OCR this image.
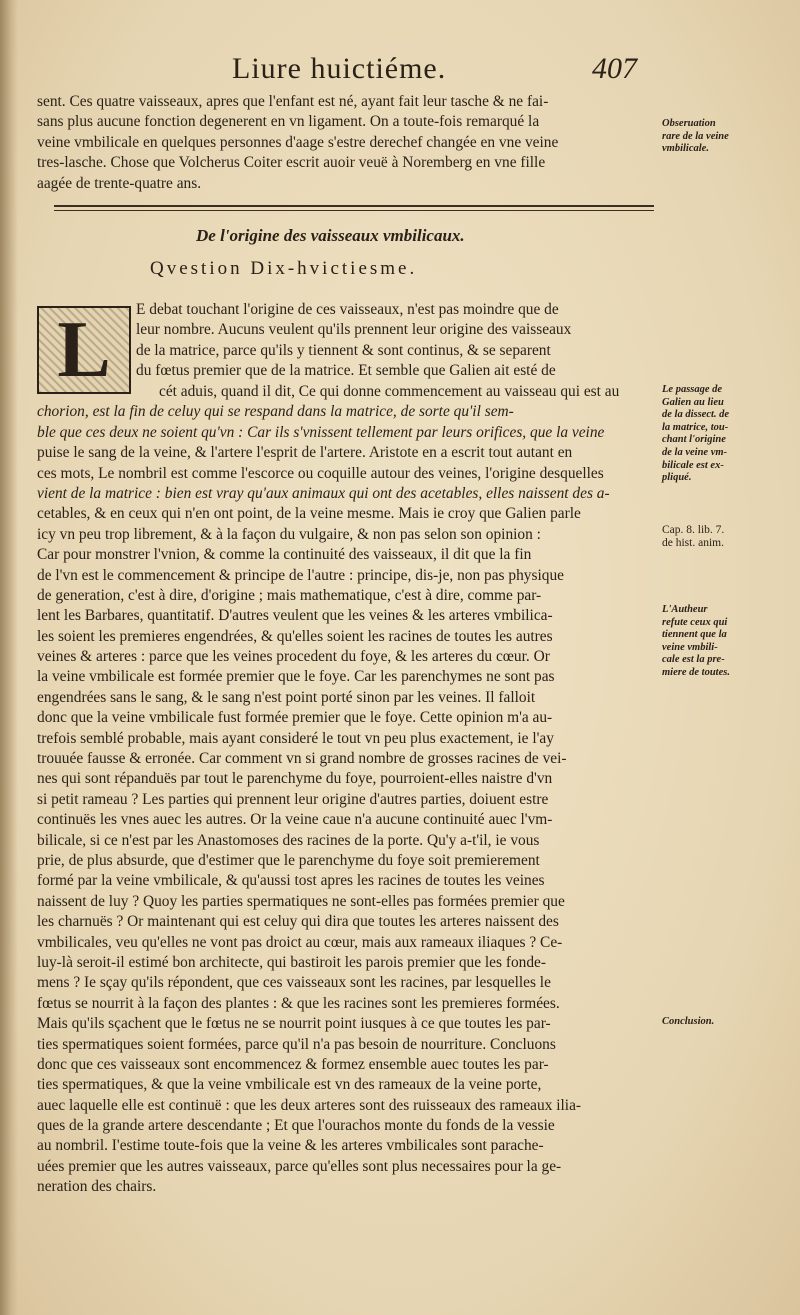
Liure huictiéme.	407
sent. Ces quatre vaisseaux, apres que l'enfant est né, ayant fait leur tasche & ne fai-
sans plus aucune fonction degenerent en vn ligament. On a toute-fois remarqué la
veine vmbilicale en quelques personnes d'aage s'estre derechef changée en vne veine
tres-lasche. Chose que Volcherus Coiter escrit auoir veuë à Noremberg en vne fille
aagée de trente-quatre ans.
Obseruation
rare de la veine
vmbilicale.
De l'origine des vaisseaux vmbilicaux.
Qvestion Dix-hvictiesme.
L	E debat touchant l'origine de ces vaisseaux, n'est pas moindre que de
leur nombre. Aucuns veulent qu'ils prennent leur origine des vaisseaux
de la matrice, parce qu'ils y tiennent & sont continus, & se separent
du fœtus premier que de la matrice. Et semble que Galien ait esté de
cét aduis, quand il dit, Ce qui donne commencement au vaisseau qui est au
chorion, est la fin de celuy qui se respand dans la matrice, de sorte qu'il sem-
ble que ces deux ne soient qu'vn : Car ils s'vnissent tellement par leurs orifices, que la veine
puise le sang de la veine, & l'artere l'esprit de l'artere. Aristote en a escrit tout autant en
ces mots, Le nombril est comme l'escorce ou coquille autour des veines, l'origine desquelles
vient de la matrice : bien est vray qu'aux animaux qui ont des acetables, elles naissent des a-
cetables, & en ceux qui n'en ont point, de la veine mesme. Mais ie croy que Galien parle
icy vn peu trop librement, & à la façon du vulgaire, & non pas selon son opinion :
Car pour monstrer l'vnion, & comme la continuité des vaisseaux, il dit que la fin
de l'vn est le commencement & principe de l'autre : principe, dis-je, non pas physique
de generation, c'est à dire, d'origine ; mais mathematique, c'est à dire, comme par-
lent les Barbares, quantitatif. D'autres veulent que les veines & les arteres vmbilica-
les soient les premieres engendrées, & qu'elles soient les racines de toutes les autres
veines & arteres : parce que les veines procedent du foye, & les arteres du cœur. Or
la veine vmbilicale est formée premier que le foye. Car les parenchymes ne sont pas
engendrées sans le sang, & le sang n'est point porté sinon par les veines. Il falloit
donc que la veine vmbilicale fust formée premier que le foye. Cette opinion m'a au-
trefois semblé probable, mais ayant consideré le tout vn peu plus exactement, ie l'ay
trouuée fausse & erronée. Car comment vn si grand nombre de grosses racines de vei-
nes qui sont répanduës par tout le parenchyme du foye, pourroient-elles naistre d'vn
si petit rameau ? Les parties qui prennent leur origine d'autres parties, doiuent estre
continuës les vnes auec les autres. Or la veine caue n'a aucune continuité auec l'vm-
bilicale, si ce n'est par les Anastomoses des racines de la porte. Qu'y a-t'il, ie vous
prie, de plus absurde, que d'estimer que le parenchyme du foye soit premierement
formé par la veine vmbilicale, & qu'aussi tost apres les racines de toutes les veines
naissent de luy ? Quoy les parties spermatiques ne sont-elles pas formées premier que
les charnuës ? Or maintenant qui est celuy qui dira que toutes les arteres naissent des
vmbilicales, veu qu'elles ne vont pas droict au cœur, mais aux rameaux iliaques ? Ce-
luy-là seroit-il estimé bon architecte, qui bastiroit les parois premier que les fonde-
mens ? Ie sçay qu'ils répondent, que ces vaisseaux sont les racines, par lesquelles le
fœtus se nourrit à la façon des plantes : & que les racines sont les premieres formées.
Mais qu'ils sçachent que le fœtus ne se nourrit point iusques à ce que toutes les par-
ties spermatiques soient formées, parce qu'il n'a pas besoin de nourriture. Concluons
donc que ces vaisseaux sont encommencez & formez ensemble auec toutes les par-
ties spermatiques, & que la veine vmbilicale est vn des rameaux de la veine porte,
auec laquelle elle est continuë : que les deux arteres sont des ruisseaux des rameaux ilia-
ques de la grande artere descendante ; Et que l'ourachos monte du fonds de la vessie
au nombril. I'estime toute-fois que la veine & les arteres vmbilicales sont parache-
uées premier que les autres vaisseaux, parce qu'elles sont plus necessaires pour la ge-
neration des chairs.
Le passage de
Galien au lieu
de la dissect. de
la matrice, tou-
chant l'origine
de la veine vm-
bilicale est ex-
pliqué.
Cap. 8. lib. 7.
de hist. anim.
L'Autheur
refute ceux qui
tiennent que la
veine vmbili-
cale est la pre-
miere de toutes.
Conclusion.
